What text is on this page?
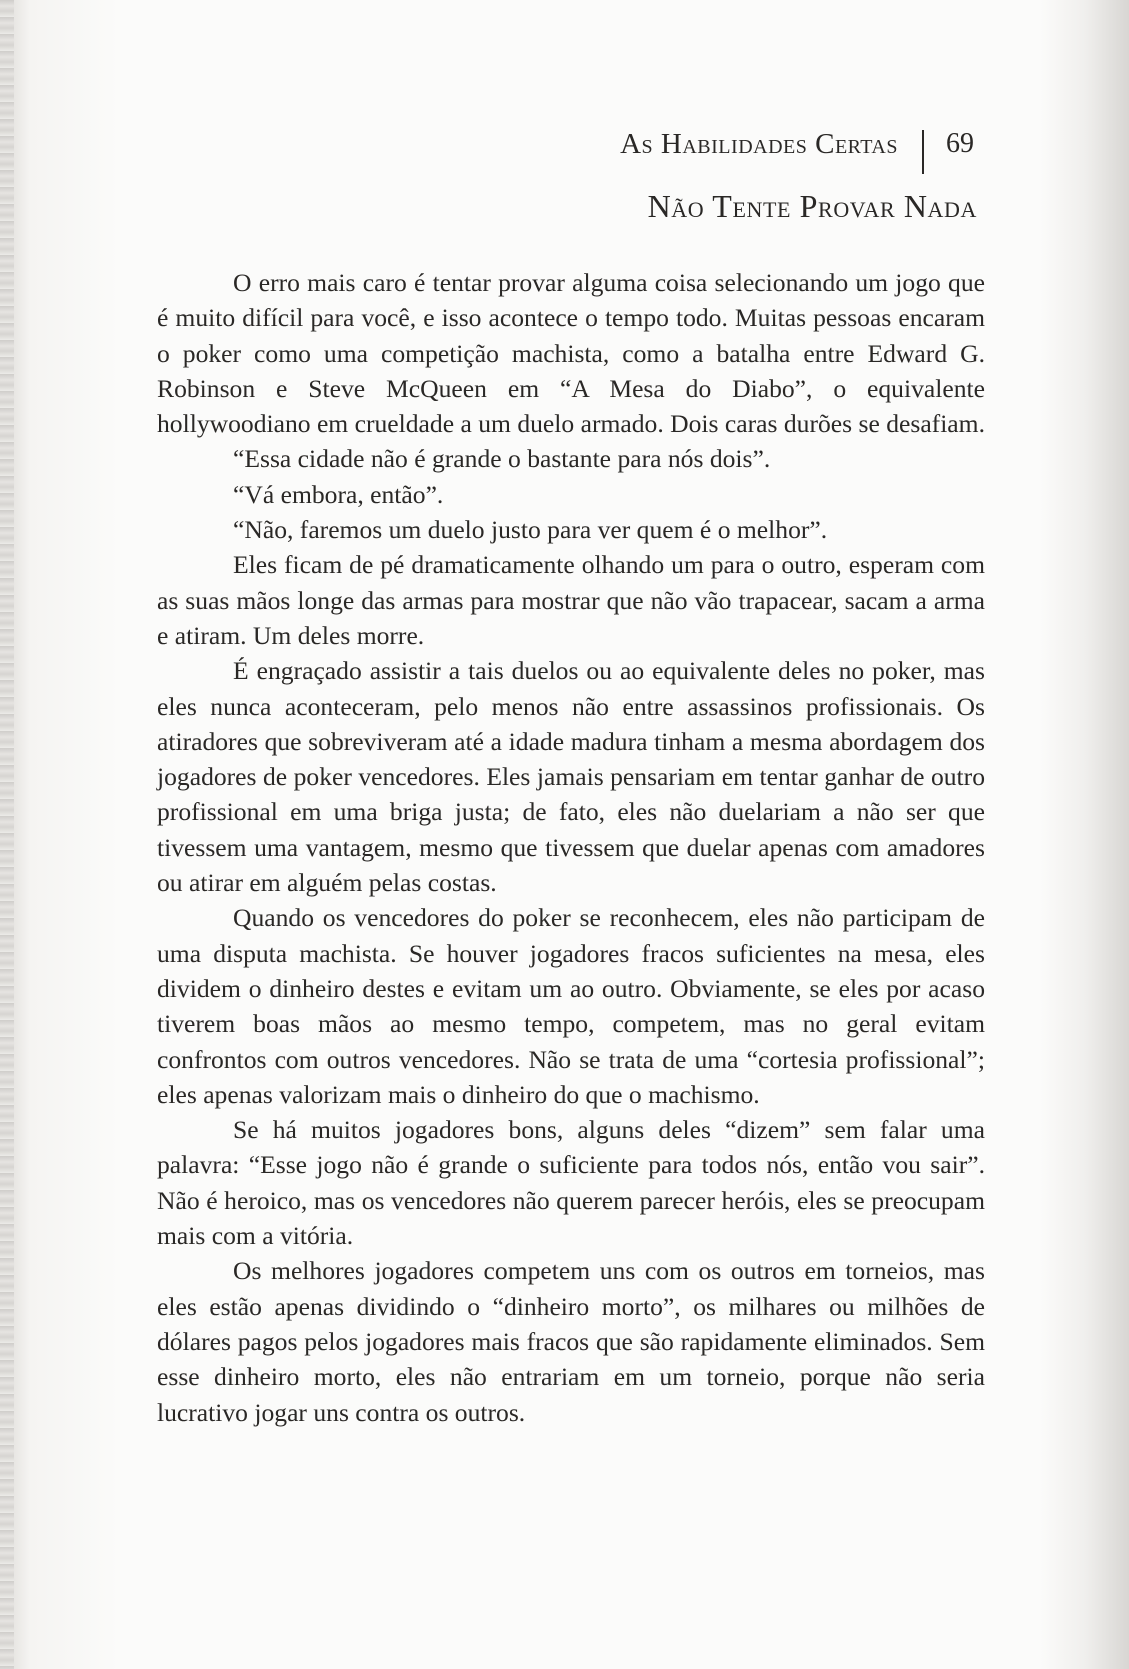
As Habilidades Certas 69
Não Tente Provar Nada

O erro mais caro é tentar provar alguma coisa selecionando um jogo que é muito difícil para você, e isso acontece o tempo todo. Muitas pessoas encaram o poker como uma competição machista, como a batalha entre Edward G. Robinson e Steve McQueen em “A Mesa do Diabo”, o equivalente hollywoodiano em crueldade a um duelo armado. Dois caras durões se desafiam.

“Essa cidade não é grande o bastante para nós dois”.

“Vá embora, então”.

“Não, faremos um duelo justo para ver quem é o melhor”.

Eles ficam de pé dramaticamente olhando um para o outro, esperam com as suas mãos longe das armas para mostrar que não vão trapacear, sacam a arma e atiram. Um deles morre.

É engraçado assistir a tais duelos ou ao equivalente deles no poker, mas eles nunca aconteceram, pelo menos não entre assassinos profissionais. Os atiradores que sobreviveram até a idade madura tinham a mesma abordagem dos jogadores de poker vencedores. Eles jamais pensariam em tentar ganhar de outro profissional em uma briga justa; de fato, eles não duelariam a não ser que tivessem uma vantagem, mesmo que tivessem que duelar apenas com amadores ou atirar em alguém pelas costas.

Quando os vencedores do poker se reconhecem, eles não participam de uma disputa machista. Se houver jogadores fracos suficientes na mesa, eles dividem o dinheiro destes e evitam um ao outro. Obviamente, se eles por acaso tiverem boas mãos ao mesmo tempo, competem, mas no geral evitam confrontos com outros vencedores. Não se trata de uma “cortesia profissional”; eles apenas valorizam mais o dinheiro do que o machismo.

Se há muitos jogadores bons, alguns deles “dizem” sem falar uma palavra: “Esse jogo não é grande o suficiente para todos nós, então vou sair”. Não é heroico, mas os vencedores não querem parecer heróis, eles se preocupam mais com a vitória.

Os melhores jogadores competem uns com os outros em torneios, mas eles estão apenas dividindo o “dinheiro morto”, os milhares ou milhões de dólares pagos pelos jogadores mais fracos que são rapidamente eliminados. Sem esse dinheiro morto, eles não entrariam em um torneio, porque não seria lucrativo jogar uns contra os outros.
